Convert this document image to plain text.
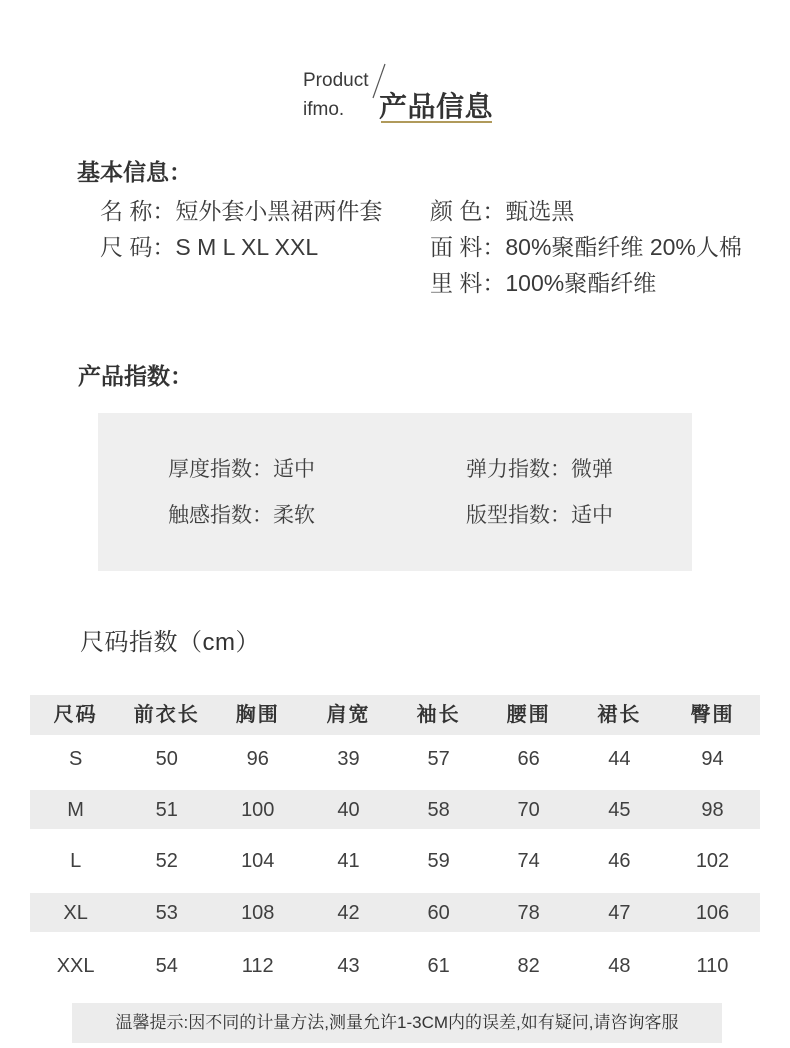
Product
ifmo. 产品信息
基本信息：
名 称：短外套小黑裙两件套
尺 码：S M L XL XXL
颜 色：甄选黑
面 料：80%聚酯纤维 20%人棉
里 料：100%聚酯纤维
产品指数：
厚度指数：适中	弹力指数：微弹
触感指数：柔软	版型指数：适中
尺码指数（cm）
尺码	前衣长	胸围	肩宽	袖长	腰围	裙长	臀围
S	50	96	39	57	66	44	94
M	51	100	40	58	70	45	98
L	52	104	41	59	74	46	102
XL	53	108	42	60	78	47	106
XXL	54	112	43	61	82	48	110
温馨提示:因不同的计量方法,测量允许1-3CM内的误差,如有疑问,请咨询客服
